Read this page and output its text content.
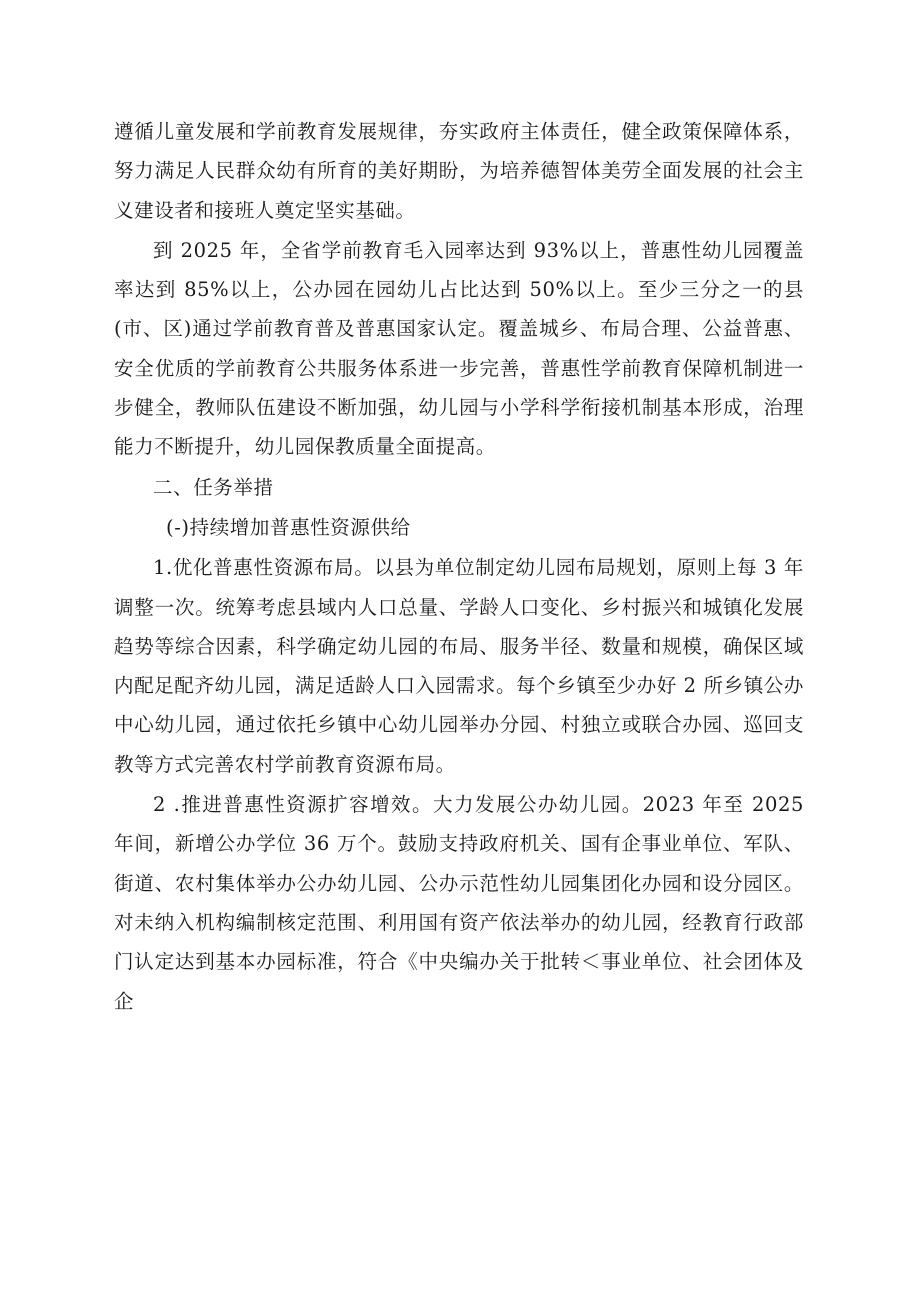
遵循儿童发展和学前教育发展规律，夯实政府主体责任，健全政策保障体系，努力满足人民群众幼有所育的美好期盼，为培养德智体美劳全面发展的社会主义建设者和接班人奠定坚实基础。

到 2025 年，全省学前教育毛入园率达到 93%以上，普惠性幼儿园覆盖率达到 85%以上，公办园在园幼儿占比达到 50%以上。至少三分之一的县(市、区)通过学前教育普及普惠国家认定。覆盖城乡、布局合理、公益普惠、安全优质的学前教育公共服务体系进一步完善，普惠性学前教育保障机制进一步健全，教师队伍建设不断加强，幼儿园与小学科学衔接机制基本形成，治理能力不断提升，幼儿园保教质量全面提高。

二、任务举措

(-)持续增加普惠性资源供给

1.优化普惠性资源布局。以县为单位制定幼儿园布局规划，原则上每 3 年调整一次。统筹考虑县域内人口总量、学龄人口变化、乡村振兴和城镇化发展趋势等综合因素，科学确定幼儿园的布局、服务半径、数量和规模，确保区域内配足配齐幼儿园，满足适龄人口入园需求。每个乡镇至少办好 2 所乡镇公办中心幼儿园，通过依托乡镇中心幼儿园举办分园、村独立或联合办园、巡回支教等方式完善农村学前教育资源布局。

2 .推进普惠性资源扩容增效。大力发展公办幼儿园。2023 年至 2025 年间，新增公办学位 36 万个。鼓励支持政府机关、国有企事业单位、军队、街道、农村集体举办公办幼儿园、公办示范性幼儿园集团化办园和设分园区。对未纳入机构编制核定范围、利用国有资产依法举办的幼儿园，经教育行政部门认定达到基本办园标准，符合《中央编办关于批转＜事业单位、社会团体及企
